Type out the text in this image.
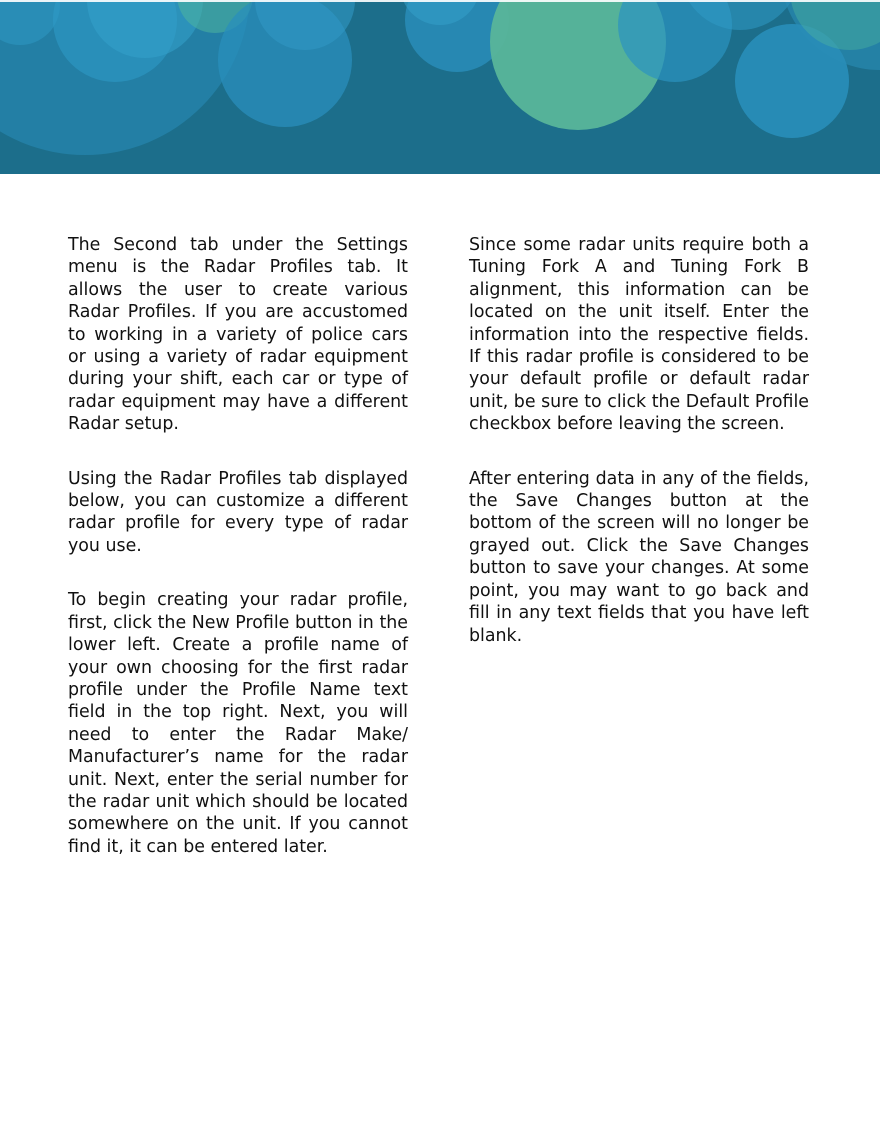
The Second tab under the Settings menu is the Radar Profiles tab. It allows the user to create various Radar Profiles. If you are accustomed to working in a variety of police cars or using a variety of radar equipment during your shift, each car or type of radar equipment may have a different Radar setup.

Using the Radar Profiles tab displayed below, you can customize a different radar profile for every type of radar you use.

To begin creating your radar profile, first, click the New Profile button in the lower left. Create a profile name of your own choosing for the first radar profile under the Profile Name text field in the top right. Next, you will need to enter the Radar Make/ Manufacturer’s name for the radar unit. Next, enter the serial number for the radar unit which should be located somewhere on the unit. If you cannot find it, it can be entered later.

Since some radar units require both a Tuning Fork A and Tuning Fork B alignment, this information can be located on the unit itself. Enter the information into the respective fields. If this radar profile is considered to be your default profile or default radar unit, be sure to click the Default Profile checkbox before leaving the screen.

After entering data in any of the fields, the Save Changes button at the bottom of the screen will no longer be grayed out. Click the Save Changes button to save your changes. At some point, you may want to go back and fill in any text fields that you have left blank.
